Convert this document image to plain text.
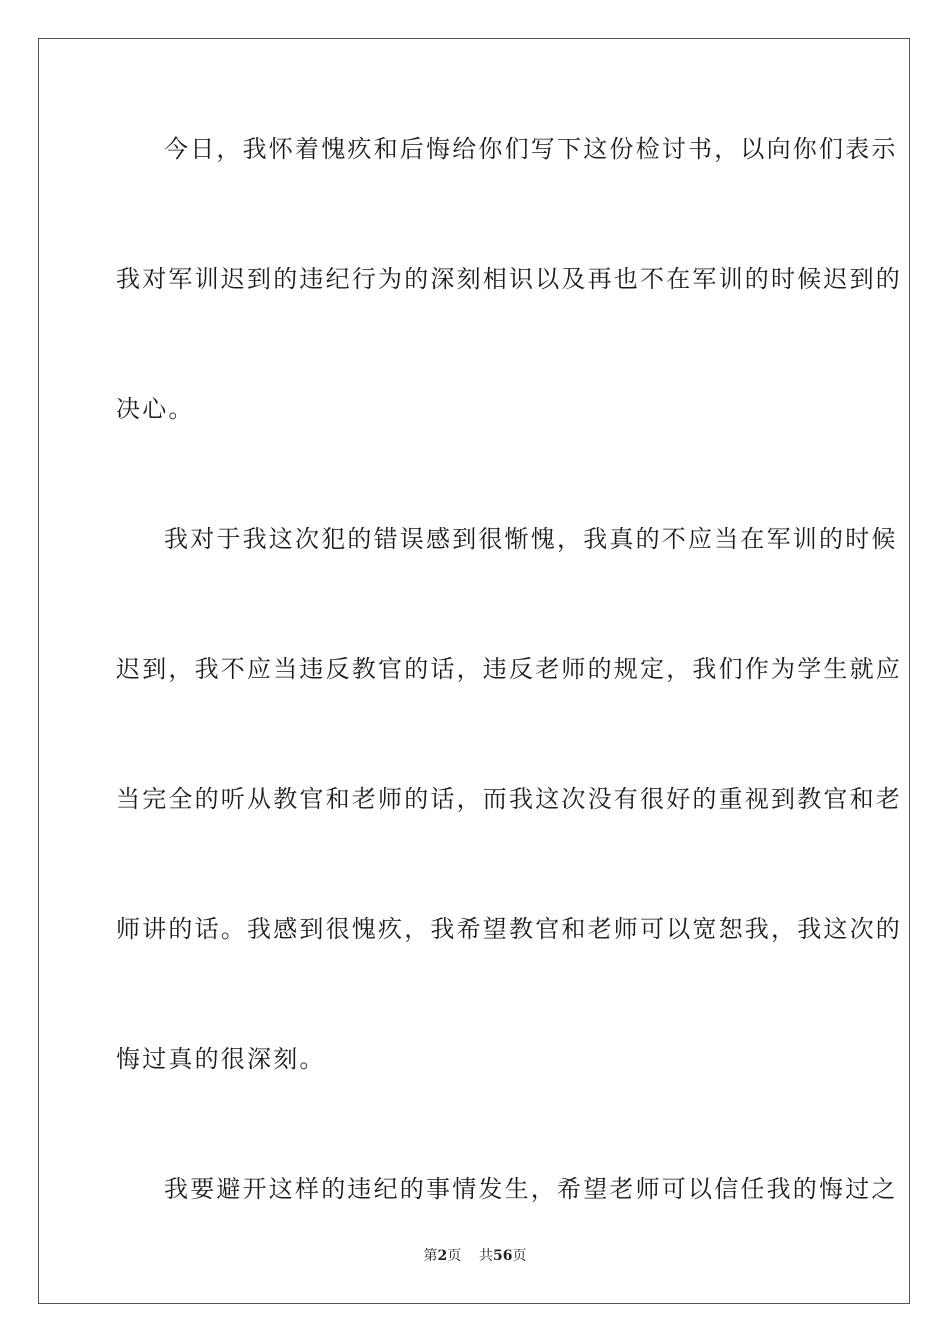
今日，我怀着愧疚和后悔给你们写下这份检讨书，以向你们表示
我对军训迟到的违纪行为的深刻相识以及再也不在军训的时候迟到的
决心。
我对于我这次犯的错误感到很惭愧，我真的不应当在军训的时候
迟到，我不应当违反教官的话，违反老师的规定，我们作为学生就应
当完全的听从教官和老师的话，而我这次没有很好的重视到教官和老
师讲的话。我感到很愧疚，我希望教官和老师可以宽恕我，我这次的
悔过真的很深刻。
我要避开这样的违纪的事情发生，希望老师可以信任我的悔过之
第2页 共56页
